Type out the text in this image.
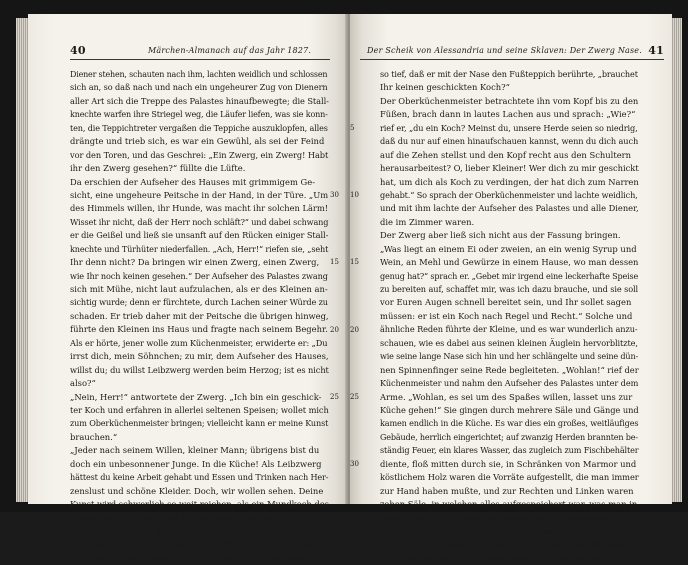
40	Märchen-Almanach auf das Jahr 1827.
Diener stehen, schauten nach ihm, lachten weidlich und schlossen
sich an, so daß nach und nach ein ungeheurer Zug von Dienern
aller Art sich die Treppe des Palastes hinaufbewegte; die Stall-
knechte warfen ihre Striegel weg, die Läufer liefen, was sie konn-
ten, die Teppichtreter vergaßen die Teppiche auszuklopfen, alles
drängte und trieb sich, es war ein Gewühl, als sei der Feind
vor den Toren, und das Geschrei: „Ein Zwerg, ein Zwerg! Habt
ihr den Zwerg gesehen?“ füllte die Lüfte.
Da erschien der Aufseher des Hauses mit grimmigem Ge-
sicht, eine ungeheure Peitsche in der Hand, in der Türe. „Um
des Himmels willen, ihr Hunde, was macht ihr solchen Lärm!
Wisset ihr nicht, daß der Herr noch schläft?“ und dabei schwang
er die Geißel und ließ sie unsanft auf den Rücken einiger Stall-
knechte und Türhüter niederfallen. „Ach, Herr!“ riefen sie, „seht
Ihr denn nicht? Da bringen wir einen Zwerg, einen Zwerg,
wie Ihr noch keinen gesehen.“ Der Aufseher des Palastes zwang
sich mit Mühe, nicht laut aufzulachen, als er des Kleinen an-
sichtig wurde; denn er fürchtete, durch Lachen seiner Würde zu
schaden. Er trieb daher mit der Peitsche die übrigen hinweg,
führte den Kleinen ins Haus und fragte nach seinem Begehr.
Als er hörte, jener wolle zum Küchenmeister, erwiderte er: „Du
irrst dich, mein Söhnchen; zu mir, dem Aufseher des Hauses,
willst du; du willst Leibzwerg werden beim Herzog; ist es nicht
also?“
„Nein, Herr!“ antwortete der Zwerg. „Ich bin ein geschick-
ter Koch und erfahren in allerlei seltenen Speisen; wollet mich
zum Oberküchenmeister bringen; vielleicht kann er meine Kunst
brauchen.“
„Jeder nach seinem Willen, kleiner Mann; übrigens bist du
doch ein unbesonnener Junge. In die Küche! Als Leibzwerg
hättest du keine Arbeit gehabt und Essen und Trinken nach Her-
zenslust und schöne Kleider. Doch, wir wollen sehen. Deine
Kunst wird schwerlich so weit reichen, als ein Mundkoch des
Herrn nötig hat, und zum Küchenjungen bist du zu gut.“ Bei
diesen Worten nahm ihn der Aufseher des Palastes bei der Hand
und führte ihn in die Gemächer des Oberküchenmeisters.
„Gnädiger Herr“, sprach dort der Zwerg und verbeugte sich
30
15
20
25
Der Scheik von Alessandria und seine Sklaven: Der Zwerg Nase. 41
5
10
15
20
25
30
35
so tief, daß er mit der Nase den Fußteppich berührte, „brauchet
Ihr keinen geschickten Koch?“
Der Oberküchenmeister betrachtete ihn vom Kopf bis zu den
Füßen, brach dann in lautes Lachen aus und sprach: „Wie?“
rief er, „du ein Koch? Meinst du, unsere Herde seien so niedrig,
daß du nur auf einen hinaufschauen kannst, wenn du dich auch
auf die Zehen stellst und den Kopf recht aus den Schultern
herausarbeitest? O, lieber Kleiner! Wer dich zu mir geschickt
hat, um dich als Koch zu verdingen, der hat dich zum Narren
gehabt.“ So sprach der Oberküchenmeister und lachte weidlich,
und mit ihm lachte der Aufseher des Palastes und alle Diener,
die im Zimmer waren.
Der Zwerg aber ließ sich nicht aus der Fassung bringen.
„Was liegt an einem Ei oder zweien, an ein wenig Syrup und
Wein, an Mehl und Gewürze in einem Hause, wo man dessen
genug hat?“ sprach er. „Gebet mir irgend eine leckerhafte Speise
zu bereiten auf, schaffet mir, was ich dazu brauche, und sie soll
vor Euren Augen schnell bereitet sein, und Ihr sollet sagen
müssen: er ist ein Koch nach Regel und Recht.“ Solche und
ähnliche Reden führte der Kleine, und es war wunderlich anzu-
schauen, wie es dabei aus seinen kleinen Äuglein hervorblitzte,
wie seine lange Nase sich hin und her schlängelte und seine dün-
nen Spinnenfinger seine Rede begleiteten. „Wohlan!“ rief der
Küchenmeister und nahm den Aufseher des Palastes unter dem
Arme. „Wohlan, es sei um des Spaßes willen, lasset uns zur
Küche gehen!“ Sie gingen durch mehrere Säle und Gänge und
kamen endlich in die Küche. Es war dies ein großes, weitläufiges
Gebäude, herrlich eingerichtet; auf zwanzig Herden brannten be-
ständig Feuer, ein klares Wasser, das zugleich zum Fischbehälter
diente, floß mitten durch sie, in Schränken von Marmor und
köstlichem Holz waren die Vorräte aufgestellt, die man immer
zur Hand haben mußte, und zur Rechten und Linken waren
zehen Säle, in welchen alles aufgespeichert war, was man in
allen Ländern von Frankistan und selbst im Morgenlande Köst-
liches und Leckeres für den Gaumen erfunden. Küchenbediente
aller Art liefen umher und rasselten und hantierten mit Kesseln
und Pfannen, mit Gabeln und Schaumlöffeln; als aber der
